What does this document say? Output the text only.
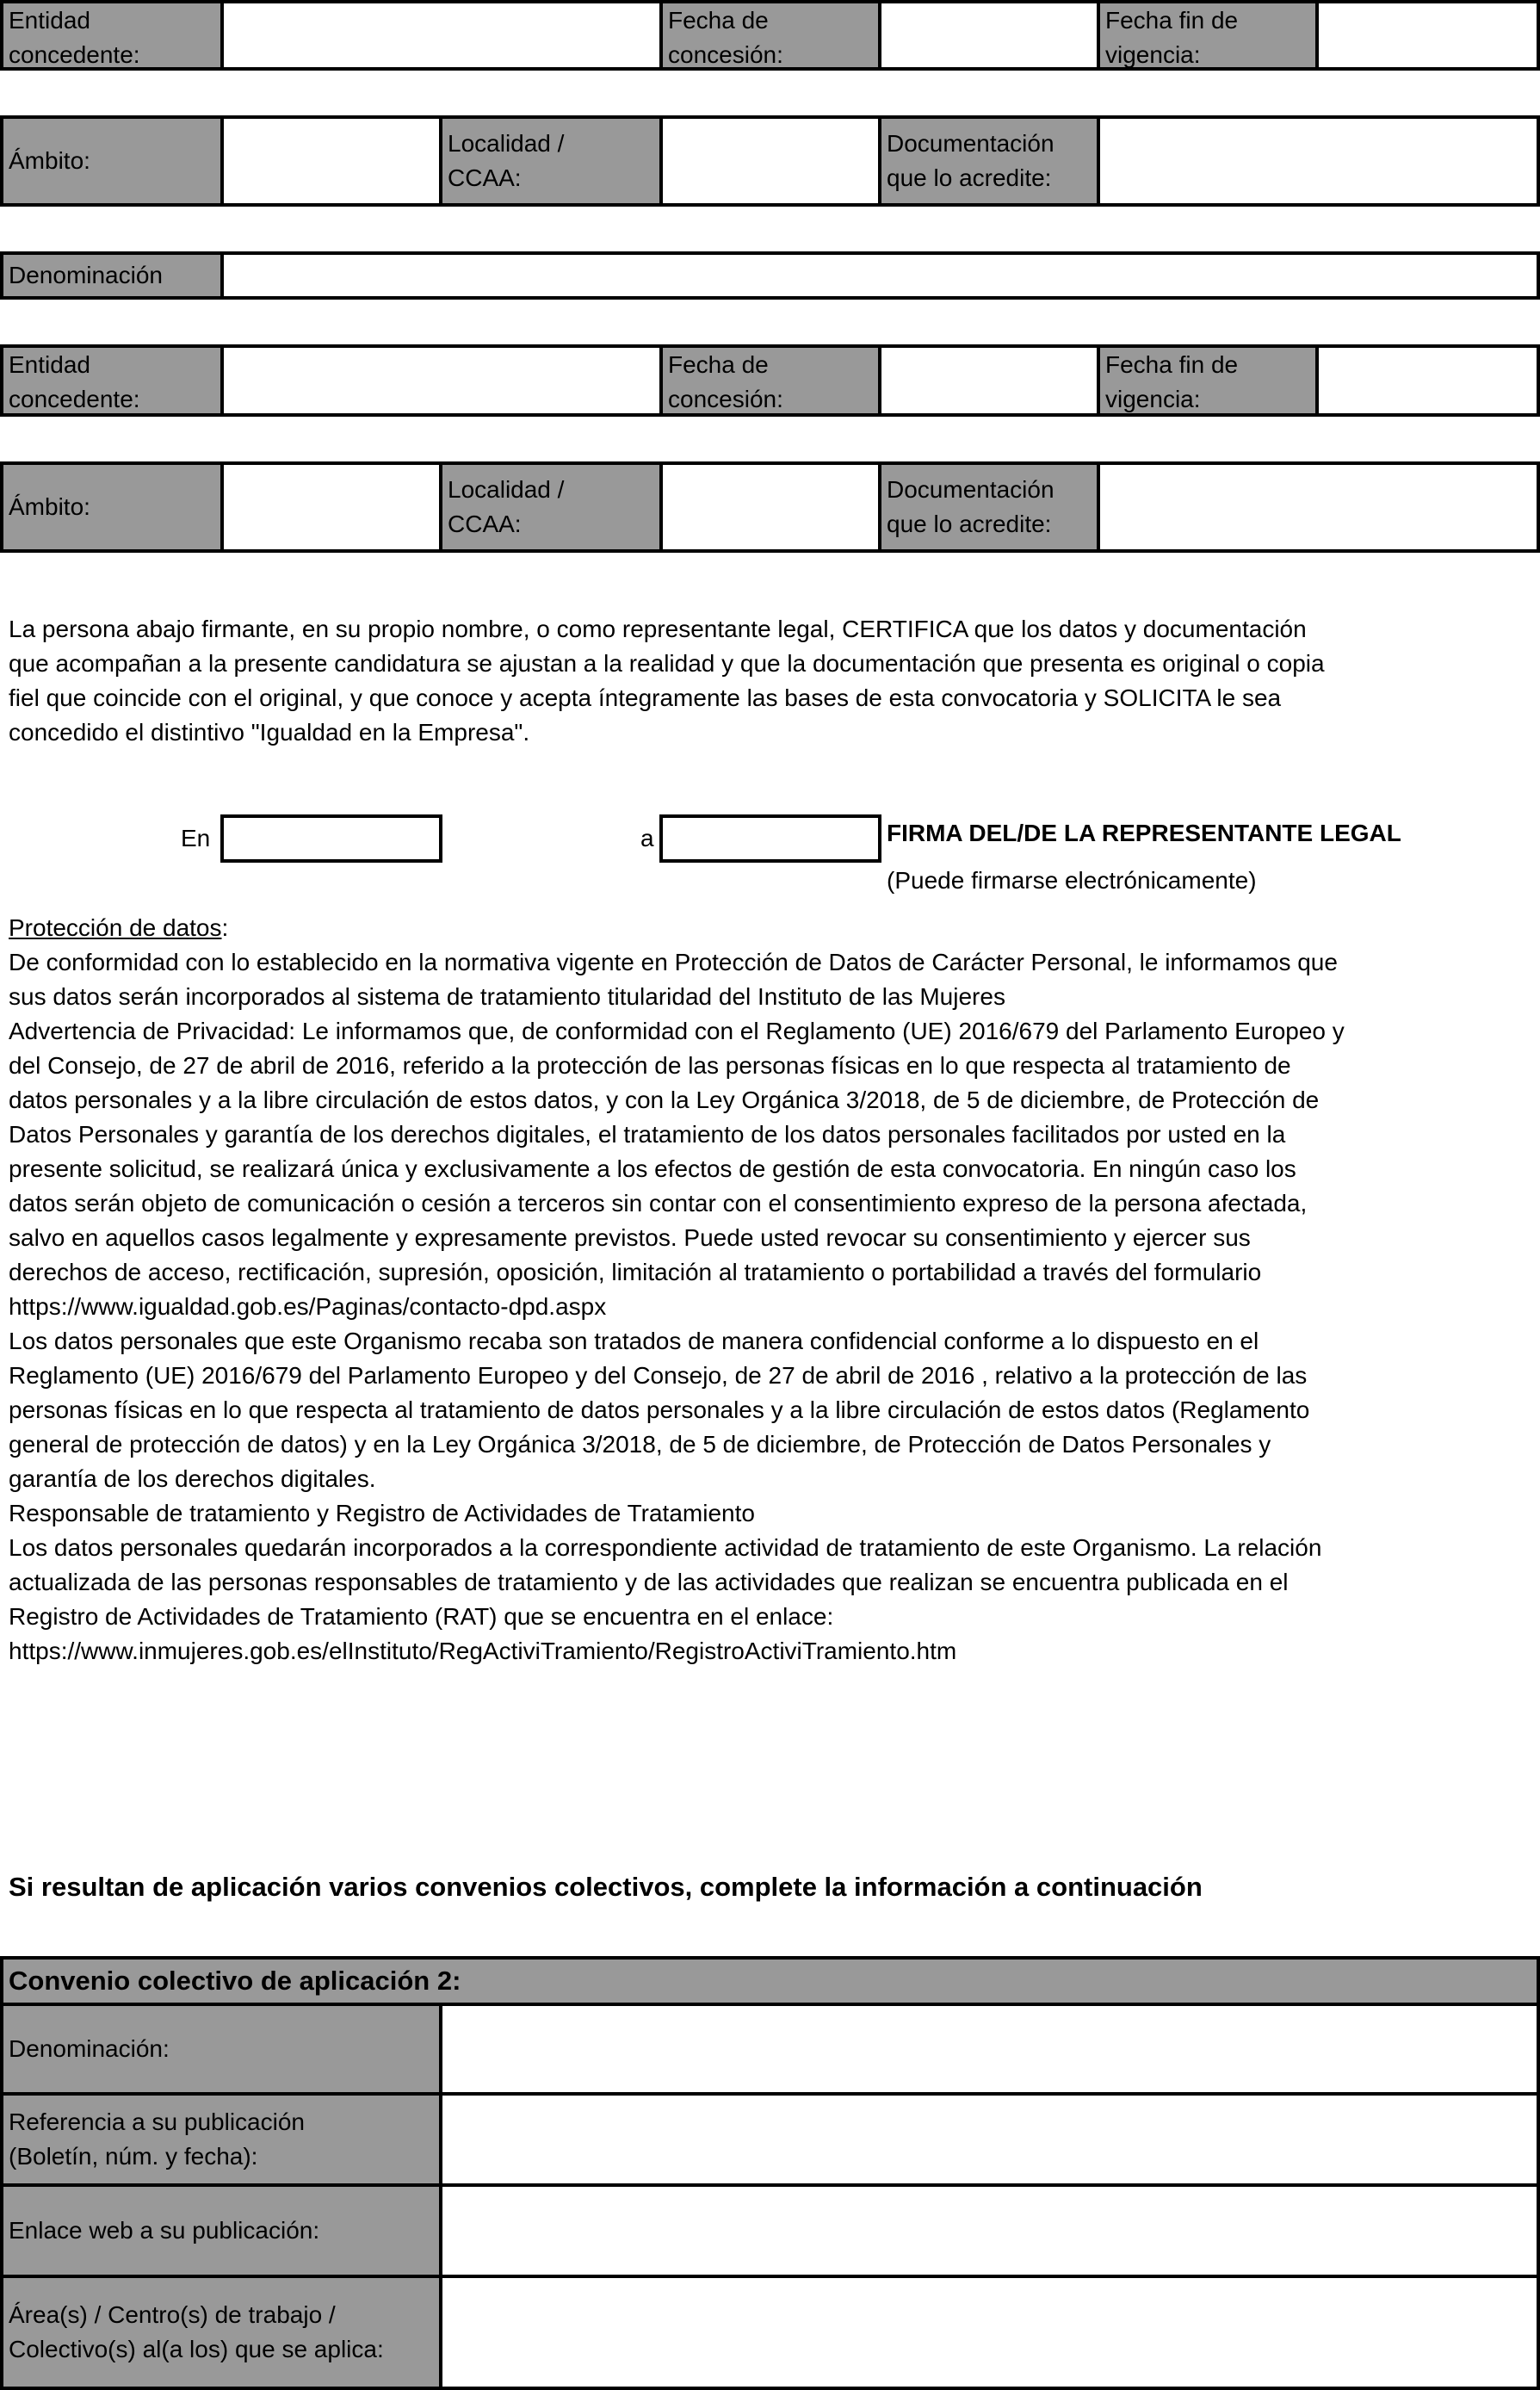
Entidad
concedente:
Fecha de
concesión:
Fecha fin de
vigencia:
Ámbito:
Localidad /
CCAA:
Documentación
que lo acredite:
Denominación
Entidad
concedente:
Fecha de
concesión:
Fecha fin de
vigencia:
Ámbito:
Localidad /
CCAA:
Documentación
que lo acredite:
La persona abajo firmante, en su propio nombre, o como representante legal, CERTIFICA que los datos y documentación
que acompañan a la presente candidatura se ajustan a la realidad y que la documentación que presenta es original o copia
fiel que coincide con el original, y que conoce y acepta íntegramente las bases de esta convocatoria y SOLICITA le sea
concedido el distintivo "Igualdad en la Empresa".
En	a	FIRMA DEL/DE LA REPRESENTANTE LEGAL
(Puede firmarse electrónicamente)
Protección de datos:
De conformidad con lo establecido en la normativa vigente en Protección de Datos de Carácter Personal, le informamos que
sus datos serán incorporados al sistema de tratamiento titularidad del Instituto de las Mujeres
Advertencia de Privacidad: Le informamos que, de conformidad con el Reglamento (UE) 2016/679 del Parlamento Europeo y
del Consejo, de 27 de abril de 2016, referido a la protección de las personas físicas en lo que respecta al tratamiento de
datos personales y a la libre circulación de estos datos, y con la Ley Orgánica 3/2018, de 5 de diciembre, de Protección de
Datos Personales y garantía de los derechos digitales, el tratamiento de los datos personales facilitados por usted en la
presente solicitud, se realizará única y exclusivamente a los efectos de gestión de esta convocatoria. En ningún caso los
datos serán objeto de comunicación o cesión a terceros sin contar con el consentimiento expreso de la persona afectada,
salvo en aquellos casos legalmente y expresamente previstos. Puede usted revocar su consentimiento y ejercer sus
derechos de acceso, rectificación, supresión, oposición, limitación al tratamiento o portabilidad a través del formulario
https://www.igualdad.gob.es/Paginas/contacto-dpd.aspx
Los datos personales que este Organismo recaba son tratados de manera confidencial conforme a lo dispuesto en el
Reglamento (UE) 2016/679 del Parlamento Europeo y del Consejo, de 27 de abril de 2016 , relativo a la protección de las
personas físicas en lo que respecta al tratamiento de datos personales y a la libre circulación de estos datos (Reglamento
general de protección de datos) y en la Ley Orgánica 3/2018, de 5 de diciembre, de Protección de Datos Personales y
garantía de los derechos digitales.
Responsable de tratamiento y Registro de Actividades de Tratamiento
Los datos personales quedarán incorporados a la correspondiente actividad de tratamiento de este Organismo. La relación
actualizada de las personas responsables de tratamiento y de las actividades que realizan se encuentra publicada en el
Registro de Actividades de Tratamiento (RAT) que se encuentra en el enlace:
https://www.inmujeres.gob.es/elInstituto/RegActiviTramiento/RegistroActiviTramiento.htm
Si resultan de aplicación varios convenios colectivos, complete la información a continuación
Convenio colectivo de aplicación 2:
Denominación:
Referencia a su publicación
(Boletín, núm. y fecha):
Enlace web a su publicación:
Área(s) / Centro(s) de trabajo /
Colectivo(s) al(a los) que se aplica:
